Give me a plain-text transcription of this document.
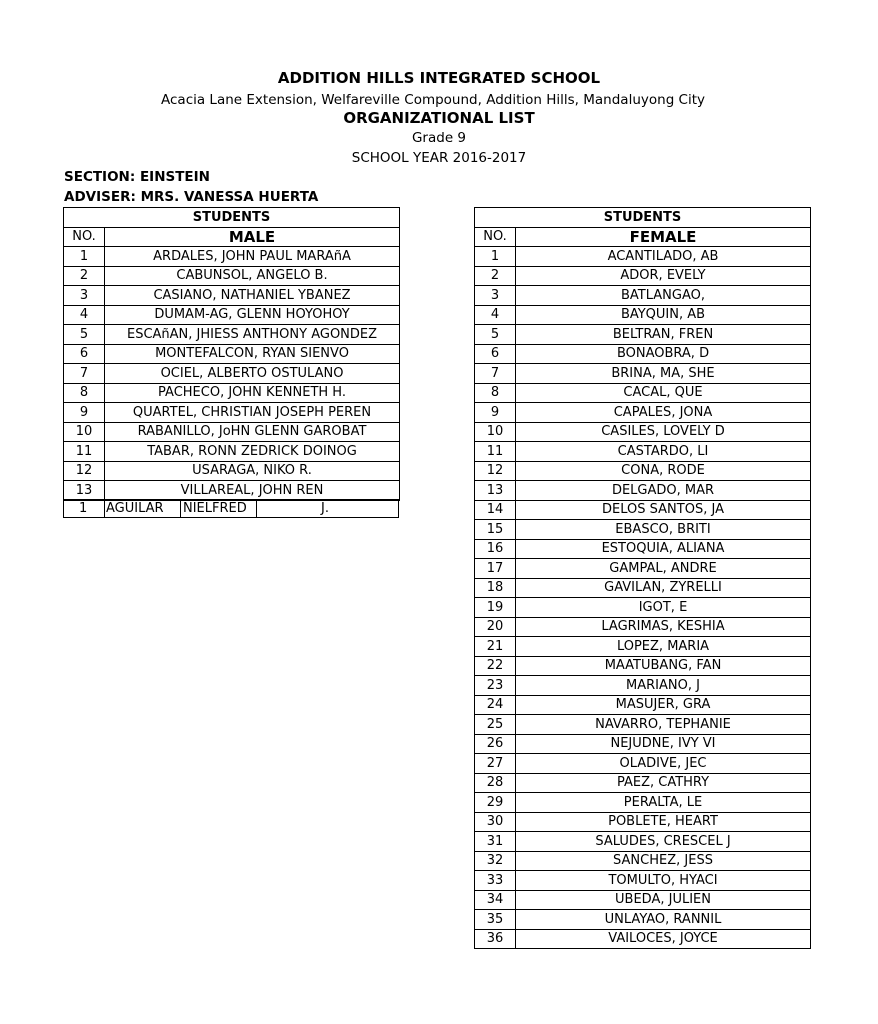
ADDITION HILLS INTEGRATED SCHOOL
Acacia Lane Extension, Welfareville Compound, Addition Hills, Mandaluyong City
ORGANIZATIONAL LIST
Grade 9
SCHOOL YEAR 2016-2017
SECTION: EINSTEIN
ADVISER: MRS. VANESSA HUERTA
STUDENTS	
NO.	MALE
1	ARDALES, JOHN PAUL MARAñA
2	CABUNSOL, ANGELO B.
3	CASIANO, NATHANIEL YBANEZ
4	DUMAM-AG, GLENN HOYOHOY
5	ESCAñAN, JHIESS ANTHONY AGONDEZ
6	MONTEFALCON, RYAN SIENVO
7	OCIEL, ALBERTO OSTULANO
8	PACHECO, JOHN KENNETH H.
9	QUARTEL, CHRISTIAN JOSEPH PEREN
10	RABANILLO, JoHN GLENN GAROBAT
11	TABAR, RONN ZEDRICK DOINOG
12	USARAGA, NIKO R.
13	VILLAREAL, JOHN REN
1 AGUILAR NIELFRED	J.
STUDENTS	
NO.	FEMALE
1	ACANTILADO, AB
2	ADOR, EVELY
3	BATLANGAO,
4	BAYQUIN, AB
5	BELTRAN, FREN
6	BONAOBRA, D
7	BRINA, MA, SHE
8	CACAL, QUE
9	CAPALES, JONA
10	CASILES, LOVELY D
11	CASTARDO, LI
12	CONA, RODE
13	DELGADO, MAR
14	DELOS SANTOS, JA
15	EBASCO, BRITI
16	ESTOQUIA, ALIANA
17	GAMPAL, ANDRE
18	GAVILAN, ZYRELLI
19	IGOT, E
20	LAGRIMAS, KESHIA
21	LOPEZ, MARIA
22	MAATUBANG, FAN
23	MARIANO, J
24	MASUJER, GRA
25	NAVARRO, TEPHANIE
26	NEJUDNE, IVY VI
27	OLADIVE, JEC
28	PAEZ, CATHRY
29	PERALTA, LE
30	POBLETE, HEART
31	SALUDES, CRESCEL J
32	SANCHEZ, JESS
33	TOMULTO, HYACI
34	UBEDA, JULIEN
35	UNLAYAO, RANNIL
36	VAILOCES, JOYCE
